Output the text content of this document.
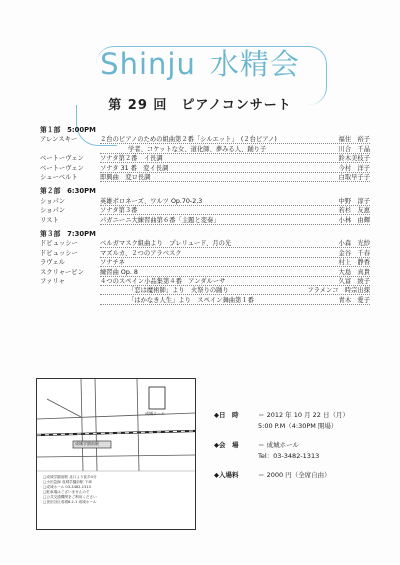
Shinju 水精会
第 29 回 ピアノコンサート
第１部　5:00PM
アレンスキー	２台のピアノのための組曲第２番「シルエット」　(２台ピアノ)	福住　裕子
学者、コケットな女、道化師、夢みる人、踊り子	川合　千晶
ベートーヴェン	ソナタ第２番　イ長調	鈴木美枝子
ベートーヴェン	ソナタ 31 番　変イ長調	今村　洋子
シューベルト	即興曲　変ロ長調	白取早子子
第２部　6:30PM
ショパン	英雄ポロネーズ、ワルツ Op.70-2,3	中野　淳子
ショパン	ソナタ第３番	若杉　友恵
リスト	パガニーニ大練習曲第６番「主題と変奏」	小林　由輝
第３部　7:30PM
ドビュッシー	ベルガマスク組曲より　プレリュード、月の光	小森　光紗
ドビュッシー	マズルカ、２つのアラベスク	金谷　千春
ラヴェル	ソナチネ	村上　静香
スクリャービン	練習曲 Op. 8	大島　真貴
ファリャ	４つのスペイン小品集第４番　アンダルーサ	久富　綾子
「恋は魔術師」より　火祭りの踊り	フラメンコ　時宗出探
「はかなき人生」より　スペイン舞曲第１番	青木　愛子
成城ホール
成城学園前駅
□成城学園前駅 北口より徒歩4分
□小田急線 成城学園前駅 下車
□成城ホール 03-3482-1313
□駐車場はございませんので
□公共交通機関をご利用ください
□世田谷区成城6-2-1 成城ホール
◆日　時	＝ 2012 年 10 月 22 日（月）
5:00 P.M（4:30PM 開場）
◆会　場	＝ 成城ホール
Tel：03-3482-1313
◆入場料	＝ 2000 円（全席自由）
